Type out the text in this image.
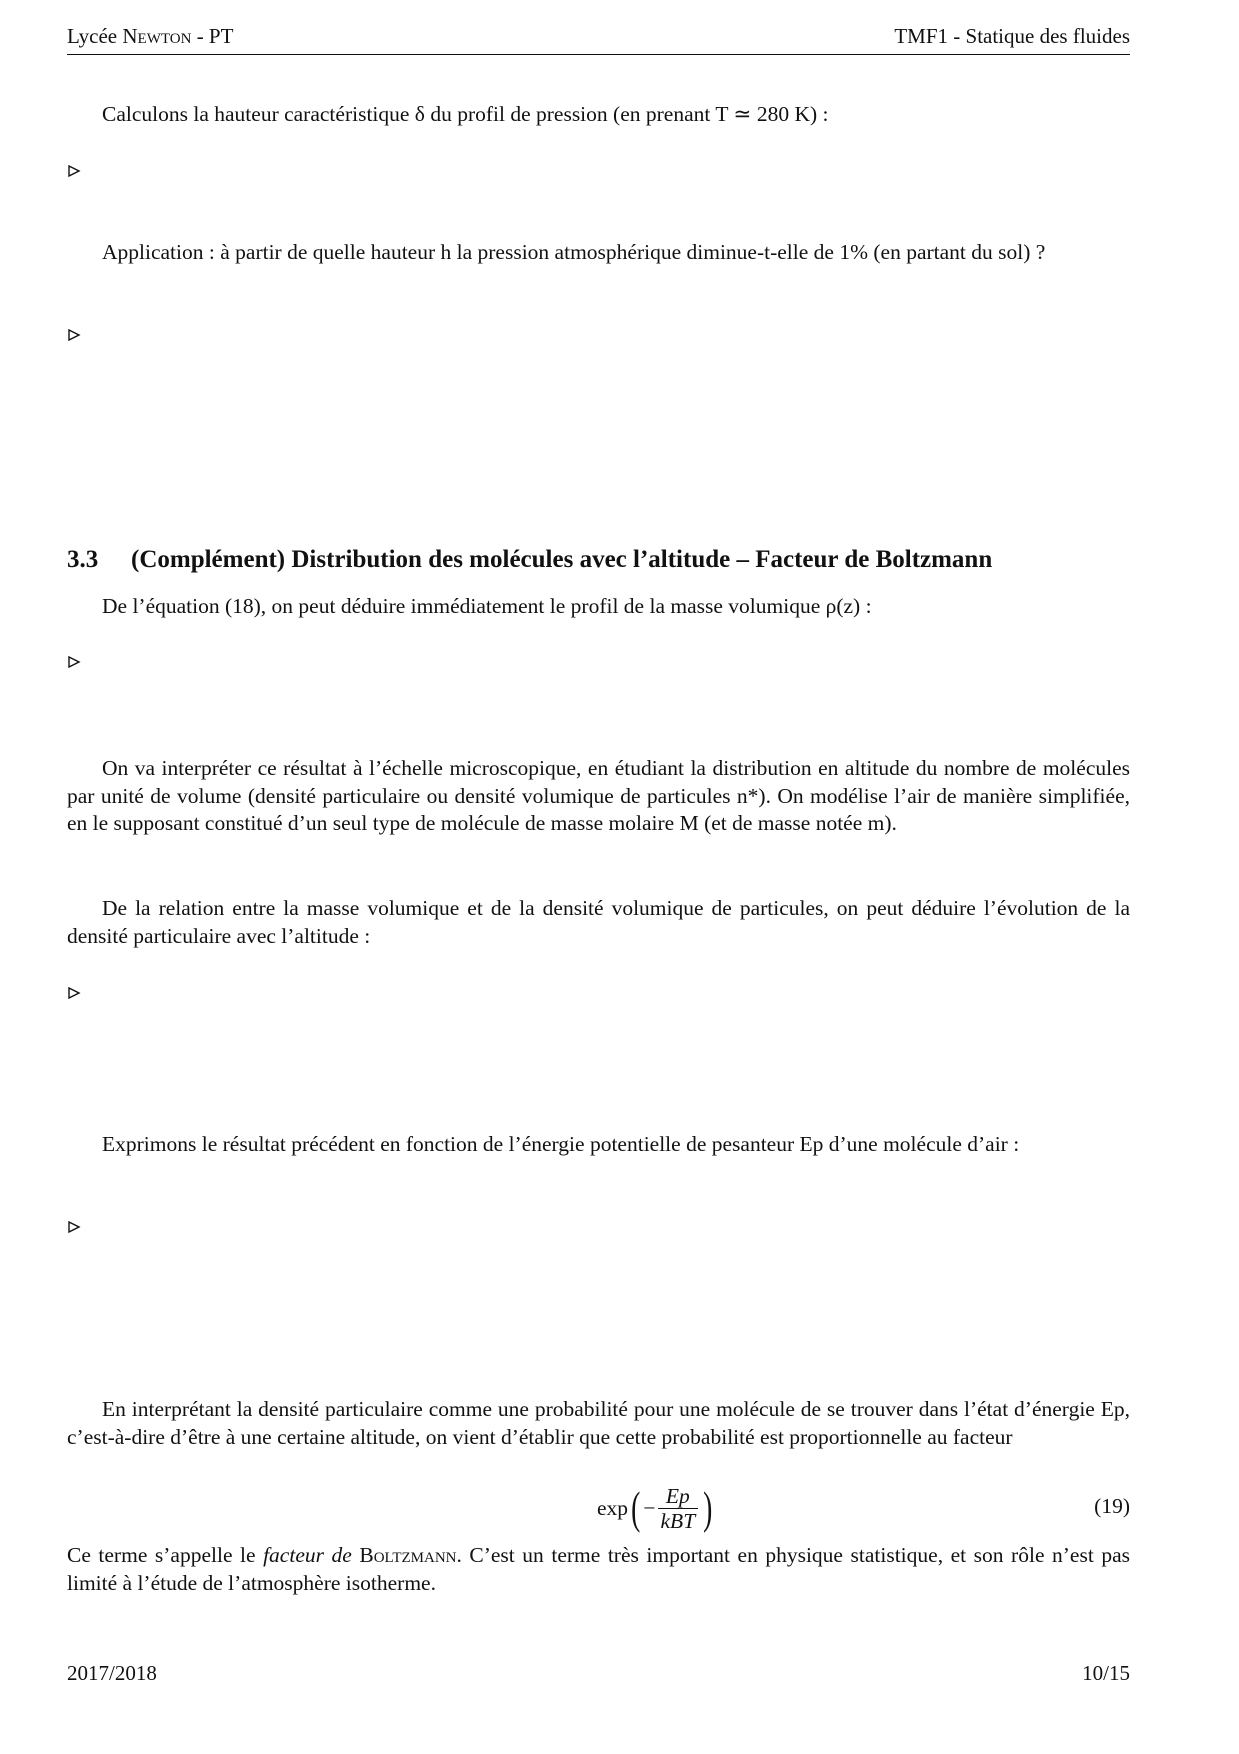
Lycée Newton - PT	TMF1 - Statique des fluides
Calculons la hauteur caractéristique δ du profil de pression (en prenant T ≃ 280 K) :
Application : à partir de quelle hauteur h la pression atmosphérique diminue-t-elle de 1% (en partant du sol) ?
3.3 (Complément) Distribution des molécules avec l’altitude – Facteur de Boltzmann
De l’équation (18), on peut déduire immédiatement le profil de la masse volumique ρ(z) :
On va interpréter ce résultat à l’échelle microscopique, en étudiant la distribution en altitude du nombre de molécules par unité de volume (densité particulaire ou densité volumique de particules n*). On modélise l’air de manière simplifiée, en le supposant constitué d’un seul type de molécule de masse molaire M (et de masse notée m).
De la relation entre la masse volumique et de la densité volumique de particules, on peut déduire l’évolution de la densité particulaire avec l’altitude :
Exprimons le résultat précédent en fonction de l’énergie potentielle de pesanteur Ep d’une molécule d’air :
En interprétant la densité particulaire comme une probabilité pour une molécule de se trouver dans l’état d’énergie Ep, c’est-à-dire d’être à une certaine altitude, on vient d’établir que cette probabilité est proportionnelle au facteur
exp ( − $\frac{Ep}{\text{kBT}}$ )	(19)
Ce terme s’appelle le facteur de Boltzmann. C’est un terme très important en physique statistique, et son rôle n’est pas limité à l’étude de l’atmosphère isotherme.
2017/2018	10/15
